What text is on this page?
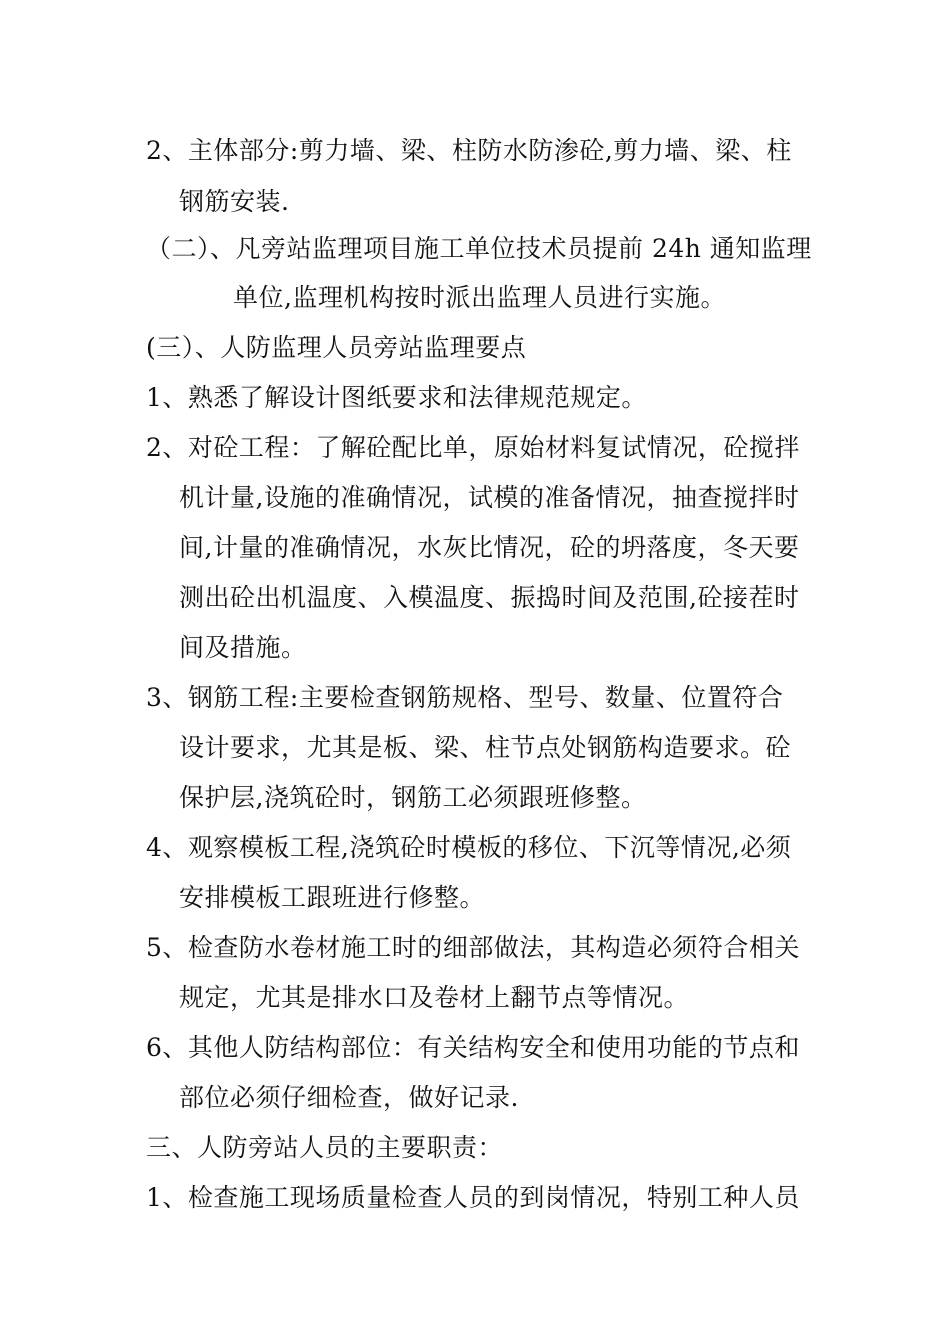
2、主体部分:剪力墙、梁、柱防水防渗砼,剪力墙、梁、柱
钢筋安装.
（二）、凡旁站监理项目施工单位技术员提前 24h 通知监理
单位,监理机构按时派出监理人员进行实施。
(三）、人防监理人员旁站监理要点
1、熟悉了解设计图纸要求和法律规范规定。
2、对砼工程：了解砼配比单，原始材料复试情况，砼搅拌
机计量,设施的准确情况，试模的准备情况，抽查搅拌时
间,计量的准确情况，水灰比情况，砼的坍落度，冬天要
测出砼出机温度、入模温度、振捣时间及范围,砼接茬时
间及措施。
3、钢筋工程:主要检查钢筋规格、型号、数量、位置符合
设计要求，尤其是板、梁、柱节点处钢筋构造要求。砼
保护层,浇筑砼时，钢筋工必须跟班修整。
4、观察模板工程,浇筑砼时模板的移位、下沉等情况,必须
安排模板工跟班进行修整。
5、检查防水卷材施工时的细部做法，其构造必须符合相关
规定，尤其是排水口及卷材上翻节点等情况。
6、其他人防结构部位：有关结构安全和使用功能的节点和
部位必须仔细检查，做好记录.
三、人防旁站人员的主要职责：
1、检查施工现场质量检查人员的到岗情况，特别工种人员
